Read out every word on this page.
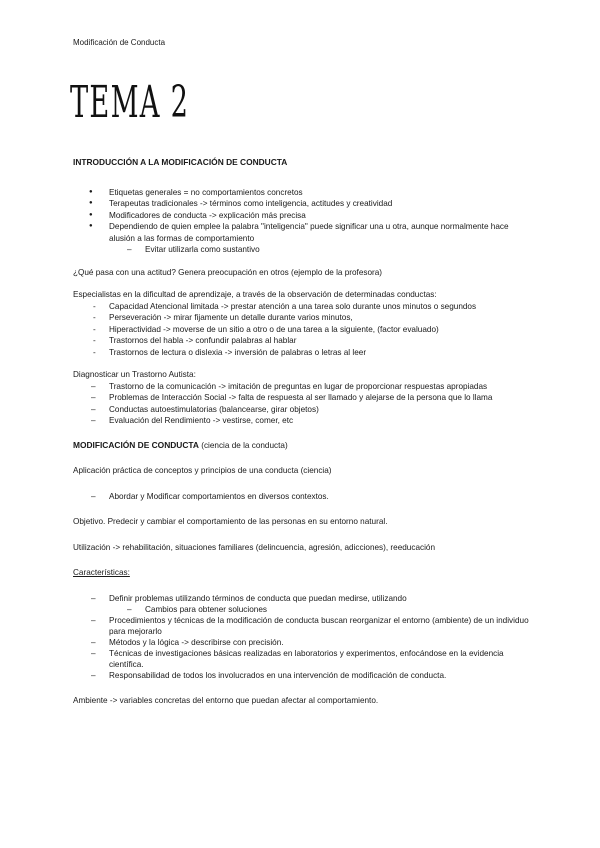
Modificación de Conducta
TEMA 2
INTRODUCCIÓN A LA MODIFICACIÓN DE CONDUCTA
● Etiquetas generales = no comportamientos concretos
● Terapeutas tradicionales -> términos como inteligencia, actitudes y creatividad
● Modificadores de conducta -> explicación más precisa
● Dependiendo de quien emplee la palabra "inteligencia" puede significar una u otra, aunque normalmente hace alusión a las formas de comportamiento
– Evitar utilizarla como sustantivo

¿Qué pasa con una actitud? Genera preocupación en otros (ejemplo de la profesora)

Especialistas en la dificultad de aprendizaje, a través de la observación de determinadas conductas:

- Capacidad Atencional limitada -> prestar atención a una tarea solo durante unos minutos o segundos
- Perseveración -> mirar fijamente un detalle durante varios minutos,
- Hiperactividad -> moverse de un sitio a otro o de una tarea a la siguiente, (factor evaluado)
- Trastornos del habla -> confundir palabras al hablar
- Trastornos de lectura o dislexia -> inversión de palabras o letras al leer

Diagnosticar un Trastorno Autista:

– Trastorno de la comunicación -> imitación de preguntas en lugar de proporcionar respuestas apropiadas
– Problemas de Interacción Social -> falta de respuesta al ser llamado y alejarse de la persona que lo llama
– Conductas autoestimulatorias (balancearse, girar objetos)
– Evaluación del Rendimiento -> vestirse, comer, etc
MODIFICACIÓN DE CONDUCTA (ciencia de la conducta)

Aplicación práctica de conceptos y principios de una conducta (ciencia)

– Abordar y Modificar comportamientos en diversos contextos.

Objetivo. Predecir y cambiar el comportamiento de las personas en su entorno natural.

Utilización -> rehabilitación, situaciones familiares (delincuencia, agresión, adicciones), reeducación

Características:

– Definir problemas utilizando términos de conducta que puedan medirse, utilizando
– Cambios para obtener soluciones
– Procedimientos y técnicas de la modificación de conducta buscan reorganizar el entorno (ambiente) de un individuo para mejorarlo
– Métodos y la lógica -> describirse con precisión.
– Técnicas de investigaciones básicas realizadas en laboratorios y experimentos, enfocándose en la evidencia científica.
– Responsabilidad de todos los involucrados en una intervención de modificación de conducta.

Ambiente -> variables concretas del entorno que puedan afectar al comportamiento.
